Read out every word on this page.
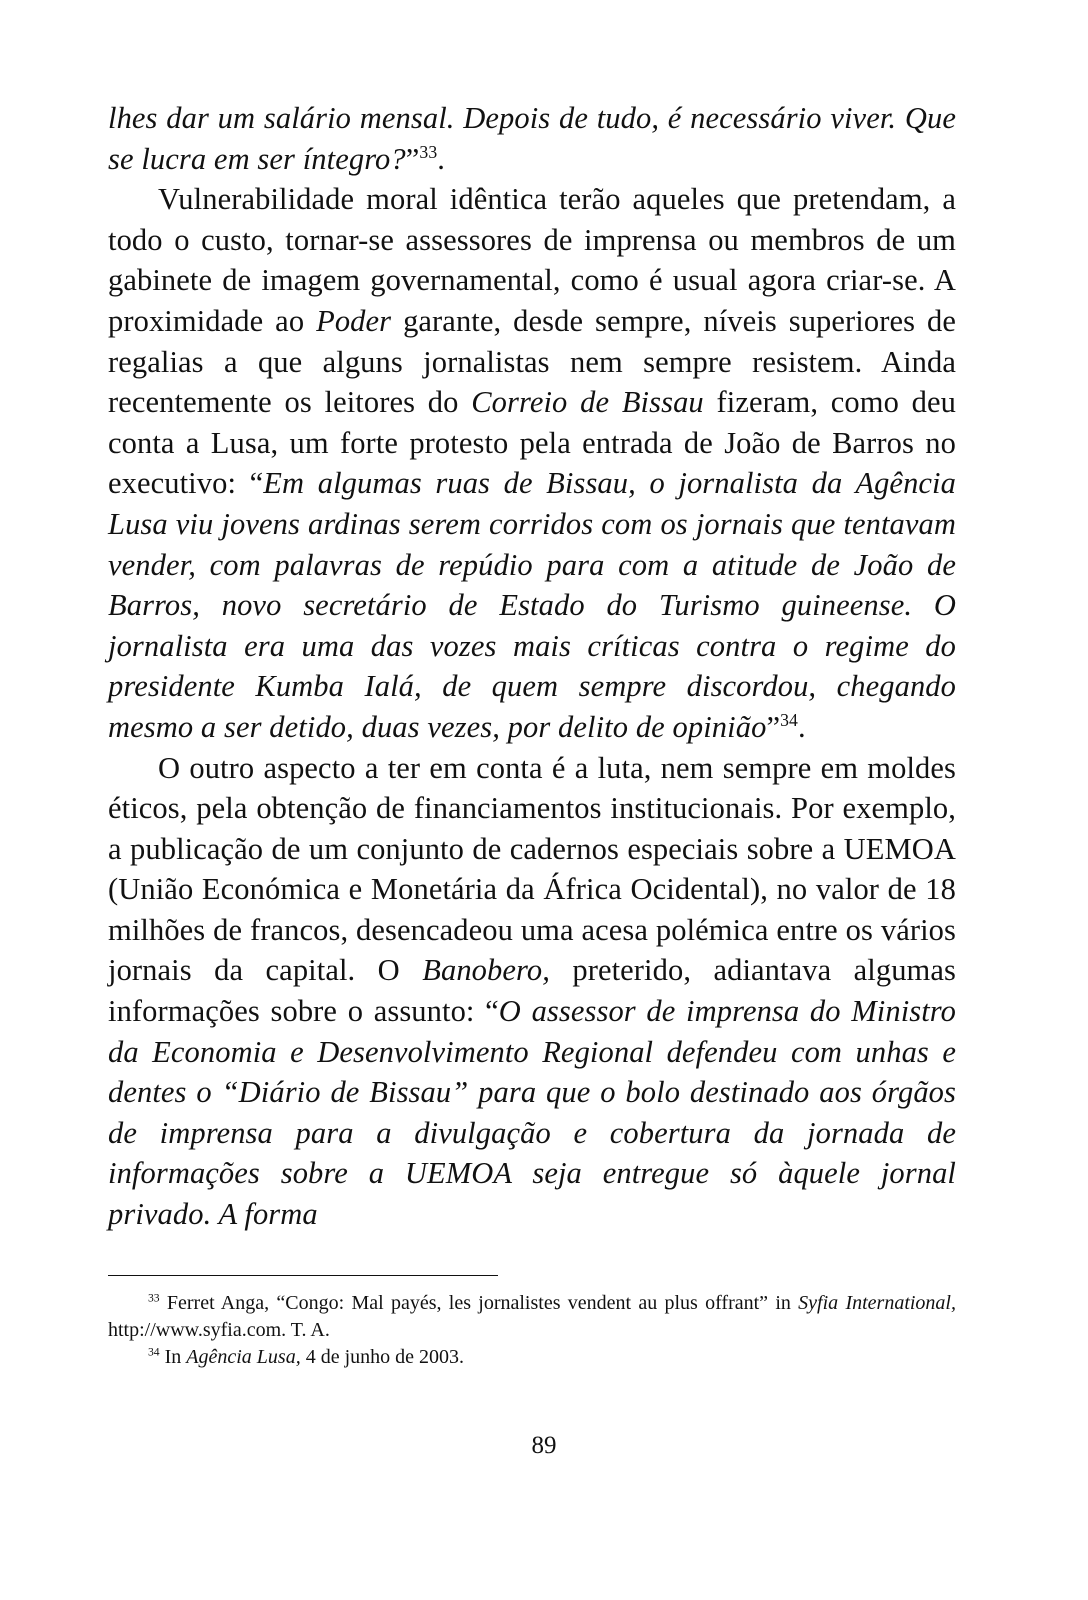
lhes dar um salário mensal. Depois de tudo, é necessário viver. Que se lucra em ser íntegro?”$^{33}$.

Vulnerabilidade moral idêntica terão aqueles que pretendam, a todo o custo, tornar-se assessores de imprensa ou membros de um gabinete de imagem governamental, como é usual agora criar-se. A proximidade ao Poder garante, desde sempre, níveis superiores de regalias a que alguns jornalistas nem sempre resistem. Ainda recentemente os leitores do Correio de Bissau fizeram, como deu conta a Lusa, um forte protesto pela entrada de João de Barros no executivo: “Em algumas ruas de Bissau, o jornalista da Agência Lusa viu jovens ardinas serem corridos com os jornais que tentavam vender, com palavras de repúdio para com a atitude de João de Barros, novo secretário de Estado do Turismo guineense. O jornalista era uma das vozes mais críticas contra o regime do presidente Kumba Ialá, de quem sempre discordou, chegando mesmo a ser detido, duas vezes, por delito de opinião”$^{34}$.

O outro aspecto a ter em conta é a luta, nem sempre em moldes éticos, pela obtenção de financiamentos institucionais. Por exemplo, a publicação de um conjunto de cadernos especiais sobre a UEMOA (União Económica e Monetária da África Ocidental), no valor de 18 milhões de francos, desencadeou uma acesa polémica entre os vários jornais da capital. O Banobero, preterido, adiantava algumas informações sobre o assunto: “O assessor de imprensa do Ministro da Economia e Desenvolvimento Regional defendeu com unhas e dentes o “Diário de Bissau” para que o bolo destinado aos órgãos de imprensa para a divulgação e cobertura da jornada de informações sobre a UEMOA seja entregue só àquele jornal privado. A forma

$^{33}$ Ferret Anga, “Congo: Mal payés, les jornalistes vendent au plus offrant” in Syfia International, http://www.syfia.com. T. A.

$^{34}$ In Agência Lusa, 4 de junho de 2003.

89
